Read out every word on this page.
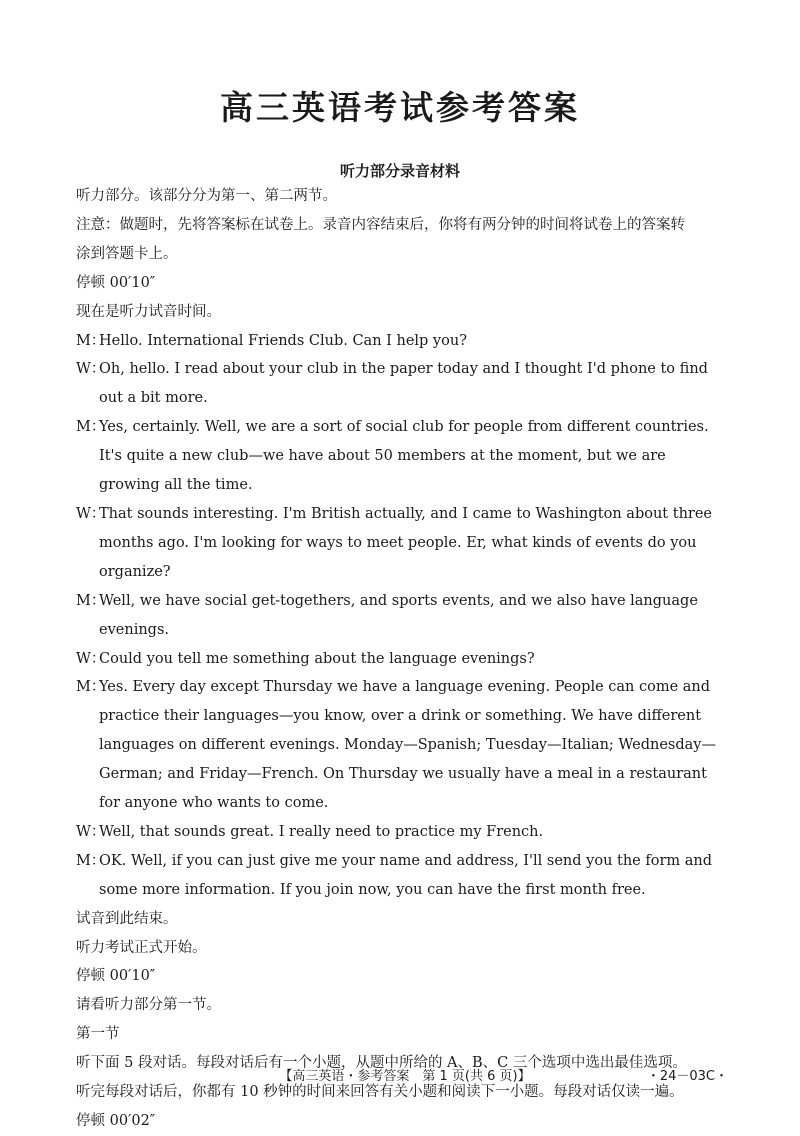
高三英语考试参考答案
听力部分录音材料
听力部分。该部分分为第一、第二两节。
注意：做题时，先将答案标在试卷上。录音内容结束后，你将有两分钟的时间将试卷上的答案转
涂到答题卡上。
停顿 00′10″
现在是听力试音时间。
M：
Hello. International Friends Club. Can I help you?
W：
Oh, hello. I read about your club in the paper today and I thought I'd phone to find out a bit more.
M：
Yes, certainly. Well, we are a sort of social club for people from different countries. It's quite a new club—we have about 50 members at the moment, but we are growing all the time.
W：
That sounds interesting. I'm British actually, and I came to Washington about three months ago. I'm looking for ways to meet people. Er, what kinds of events do you organize?
M：
Well, we have social get-togethers, and sports events, and we also have language evenings.
W：
Could you tell me something about the language evenings?
M：
Yes. Every day except Thursday we have a language evening. People can come and practice their languages—you know, over a drink or something. We have different languages on different evenings. Monday—Spanish; Tuesday—Italian; Wednesday—German; and Friday—French. On Thursday we usually have a meal in a restaurant for anyone who wants to come.
W：
Well, that sounds great. I really need to practice my French.
M：
OK. Well, if you can just give me your name and address, I'll send you the form and some more information. If you join now, you can have the first month free.
试音到此结束。
听力考试正式开始。
停顿 00′10″
请看听力部分第一节。
第一节
听下面 5 段对话。每段对话后有一个小题，从题中所给的 A、B、C 三个选项中选出最佳选项。
听完每段对话后，你都有 10 秒钟的时间来回答有关小题和阅读下一小题。每段对话仅读一遍。
停顿 00′02″
【高三英语・参考答案　第 1 页(共 6 页)】	・24－03C・
